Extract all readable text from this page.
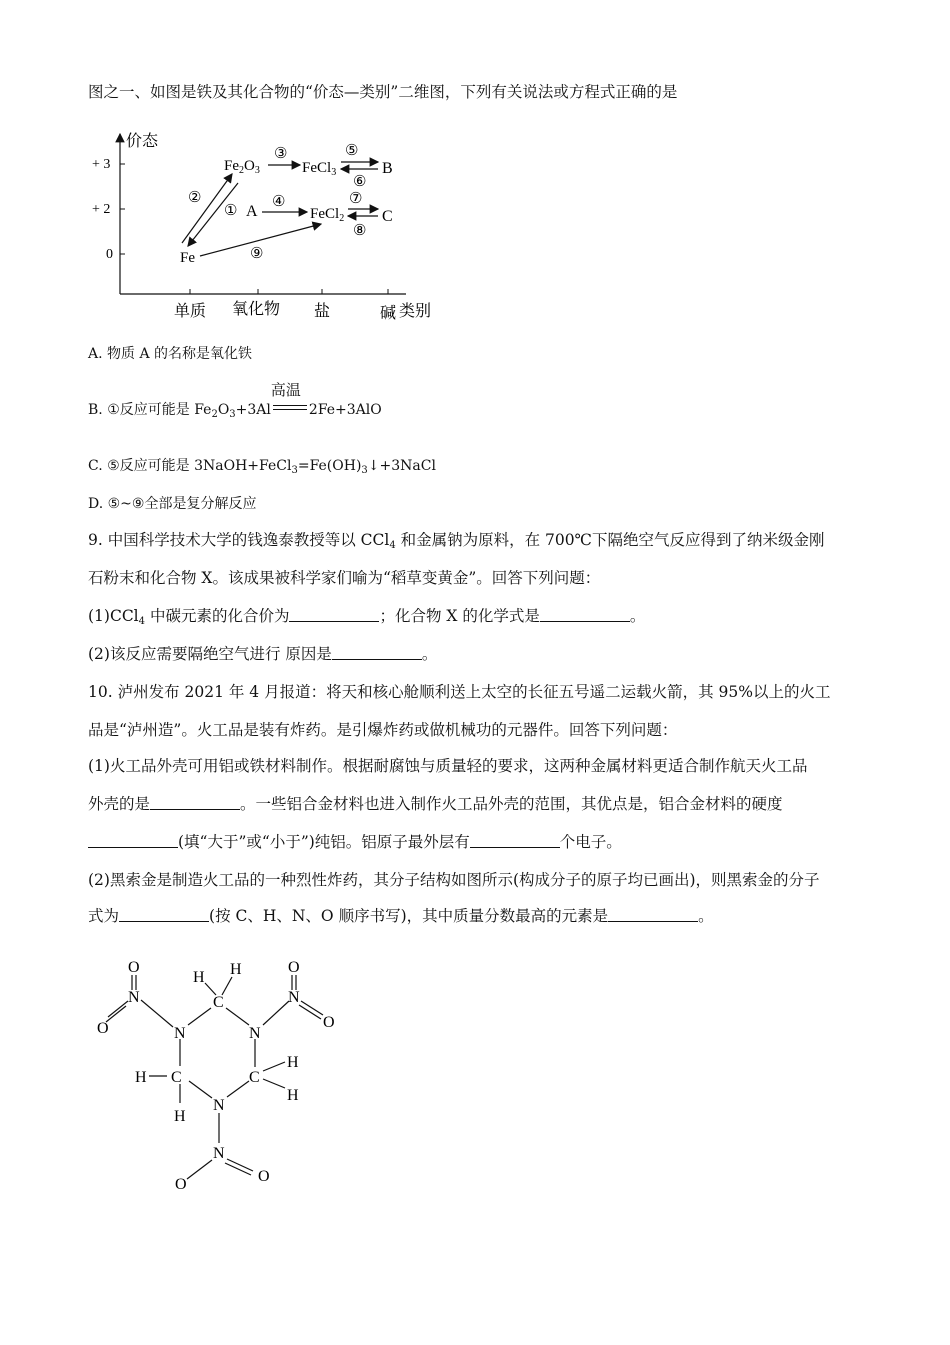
图之一、如图是铁及其化合物的“价态—类别”二维图，下列有关说法或方程式正确的是
价态
+ 3
+ 2
0
单质 氧化物 盐	碱 类别
$Fe_2O_3$	FeCl$_3$	B
A	FeCl$_2$ C
Fe
①
②
③
④
⑤
⑥
⑦
⑧
⑨
A. 物质 A 的名称是氧化铁
B. ①反应可能是 $Fe_2O_3+3Al$
高温
2Fe+3AlO
C. ⑤反应可能是 $3NaOH+FeCl_3=Fe(OH)_3↓+3NaCl$
D. ⑤~⑨全部是复分解反应
9. 中国科学技术大学的钱逸泰教授等以 CCl$_4$ 和金属钠为原料，在 700℃下隔绝空气反应得到了纳米级金刚
石粉末和化合物 X。该成果被科学家们喻为“稻草变黄金”。回答下列问题：
(1)CCl$_4$ 中碳元素的化合价为	；化合物 X 的化学式是	。
(2)该反应需要隔绝空气进行 原因是	。
10. 泸州发布 2021 年 4 月报道：将天和核心舱顺利送上太空的长征五号遥二运载火箭，其 95%以上的火工
品是“泸州造”。火工品是装有炸药。是引爆炸药或做机械功的元器件。回答下列问题：
(1)火工品外壳可用铝或铁材料制作。根据耐腐蚀与质量轻的要求，这两种金属材料更适合制作航天火工品
外壳的是	。一些铝合金材料也进入制作火工品外壳的范围，其优点是，铝合金材料的硬度
(填“大于”或“小于”)纯铝。铝原子最外层有	个电子。
(2)黑索金是制造火工品的一种烈性炸药，其分子结构如图所示(构成分子的原子均已画出)，则黑索金的分子
式为	(按 C、H、N、O 顺序书写)，其中质量分数最高的元素是	。
C
N	N
C	C
N
N	N
N
O
O
O
O
O	O
H H
H
H
H
H
